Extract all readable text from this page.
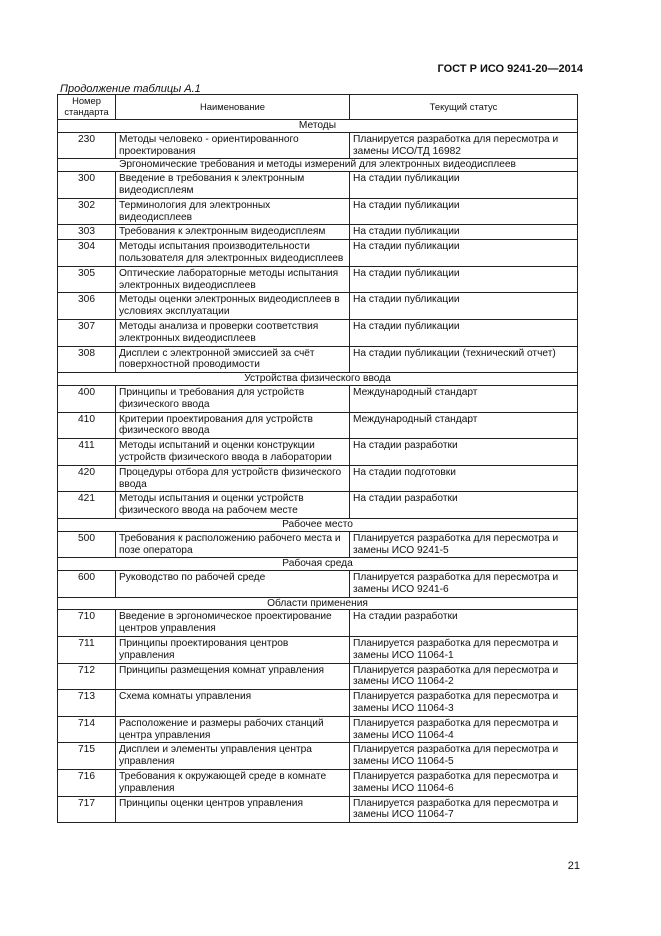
ГОСТ Р ИСО 9241-20—2014
Продолжение таблицы А.1
Номер стандарта	Наименование	Текущий статус
Методы		
230	Методы человеко - ориентированного проектирования	Планируется разработка для пересмотра и замены ИСО/ТД 16982
Эргономические требования и методы измерений для электронных видеодисплеев		
300	Введение в требования к электронным видеодисплеям	На стадии публикации
302	Терминология для электронных видеодисплеев	На стадии публикации
303	Требования к электронным видеодисплеям	На стадии публикации
304	Методы испытания производительности пользователя для электронных видеодисплеев	На стадии публикации
305	Оптические лабораторные методы испытания электронных видеодисплеев	На стадии публикации
306	Методы оценки электронных видеодисплеев в условиях эксплуатации	На стадии публикации
307	Методы анализа и проверки соответствия электронных видеодисплеев	На стадии публикации
308	Дисплеи с электронной эмиссией за счёт поверхностной проводимости	На стадии публикации (технический отчет)
Устройства физического ввода		
400	Принципы и требования для устройств физического ввода	Международный стандарт
410	Критерии проектирования для устройств физического ввода	Международный стандарт
411	Методы испытаний и оценки конструкции устройств физического ввода в лаборатории	На стадии разработки
420	Процедуры отбора для устройств физического ввода	На стадии подготовки
421	Методы испытания и оценки устройств физического ввода на рабочем месте	На стадии разработки
Рабочее место		
500	Требования к расположению рабочего места и позе оператора	Планируется разработка для пересмотра и замены ИСО 9241-5
Рабочая среда		
600	Руководство по рабочей среде	Планируется разработка для пересмотра и замены ИСО 9241-6
Области применения		
710	Введение в эргономическое проектирование центров управления	На стадии разработки
711	Принципы проектирования центров управления	Планируется разработка для пересмотра и замены ИСО 11064-1
712	Принципы размещения комнат управления	Планируется разработка для пересмотра и замены ИСО 11064-2
713	Схема комнаты управления	Планируется разработка для пересмотра и замены ИСО 11064-3
714	Расположение и размеры рабочих станций центра управления	Планируется разработка для пересмотра и замены ИСО 11064-4
715	Дисплеи и элементы управления центра управления	Планируется разработка для пересмотра и замены ИСО 11064-5
716	Требования к окружающей среде в комнате управления	Планируется разработка для пересмотра и замены ИСО 11064-6
717	Принципы оценки центров управления	Планируется разработка для пересмотра и замены ИСО 11064-7
21
